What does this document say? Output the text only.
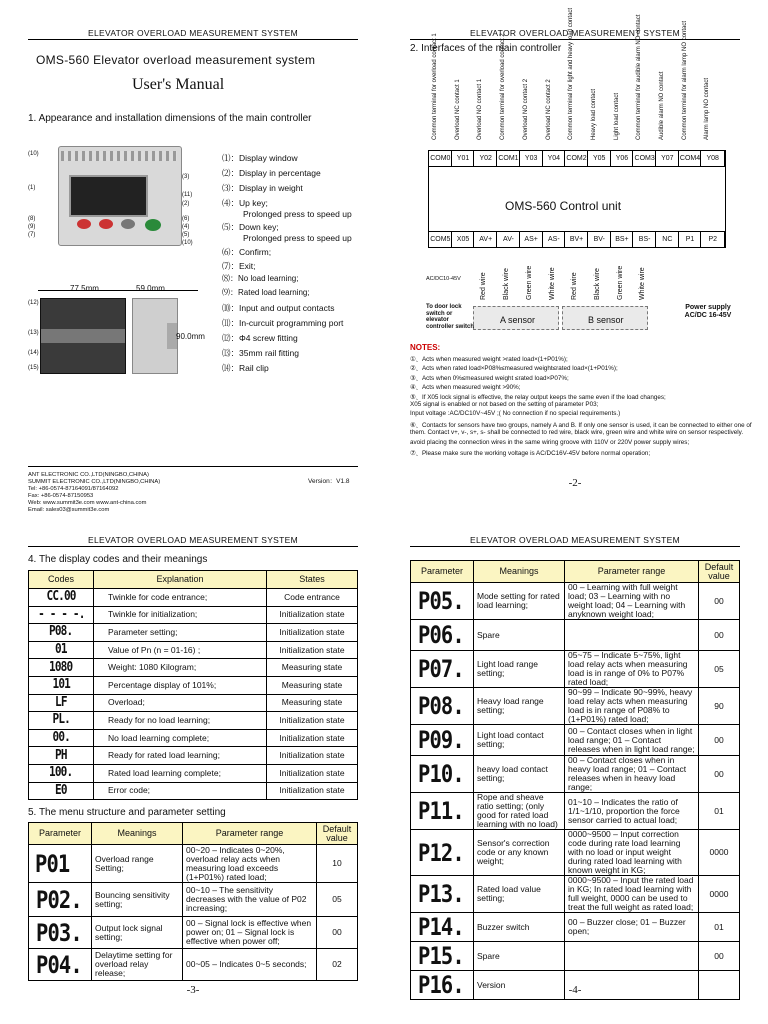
ELEVATOR OVERLOAD MEASUREMENT SYSTEM
OMS-560 Elevator overload measurement system
User's Manual
1. Appearance and installation dimensions of the main controller
(10)
(1)
(8)
(9)
(7)
(3)
(11)
(2)
(6)
(4)
(5)
(10)
⑴：Display window
⑵：Display in percentage
⑶：Display in weight
⑷：Up key;
Prolonged press to speed up
⑸：Down key;
Prolonged press to speed up
⑹：Confirm;
⑺：Exit;
⑻：No load learning;
⑼：Rated load learning;
⑽：Input and output contacts
⑾：In-curcuit programming port
⑿：Φ4 screw fitting
⒀：35mm rail fitting
⒁：Rail clip
77.5mm	59.0mm
90.0mm
(12)
(13)
(14)
(15)
ANT ELECTRONIC CO.,LTD(NINGBO,CHINA)
SUMMIT ELECTRONIC CO.,LTD(NINGBO,CHINA)
Tel: +86-0574-87164091/87164092
Fax: +86-0574-87150953
Web: www.summit3e.com www.ant-china.com
Email: sales03@summit3e.com
Version：V1.8
ELEVATOR OVERLOAD MEASUREMENT SYSTEM
2. Interfaces of the main controller
Common terminal for overload contact 1	Overload NC contact 1	Overload NO contact 1	Common terminal for overload contact 2	Overload NO contact 2	Overload NC contact 2	Common terminal for light and heavy load contact	Heavy load contact	Light load contact	Common terminal for audible alarm NO contact	Audible alarm NO contact	Common terminal for alarm lamp NO contact	Alarm lamp NO contact
OMS-560 Control unit
COM0 Y01	Y02 COM1 Y03	Y04 COM2 Y05	Y06 COM3 Y07 COM4 Y08
COM5 X05	AV+	AV-	AS+	AS-	BV+	BV-	BS+	BS-	NC	P1	P2
Red wire Black wire Green wire White wire Red wire Black wire Green wire White wire
A sensor	B sensor
AC/DC10-45V
To door lock switch or elevator controller switch
Power supply AC/DC 16-45V
NOTES:
①、Acts when measured weight >rated load×(1+P01%);
②、Acts when rated load×P08%≤measured weight≤rated load×(1+P01%);
③、Acts when 0%≤measured weight ≤rated load×P07%;
④、Acts when measured weight >90%;
⑤、If X05 lock signal is effective, the relay output keeps the same even if the load changes;
X05 signal is enabled or not based on the setting of parameter P03;
Input voltage :AC/DC10V~45V ;( No connection if no special requirements.)
⑥、Contacts for sensors have two groups, namely A and B. If only one sensor is used, it can be connected to either one of
them. Contact v+, v-, s+, s- shall be connected to red wire, black wire, green wire and white wire on sensor respectively.
avoid placing the connection wires in the same wiring groove with 110V or 220V power supply wires;
⑦、Please make sure the working voltage is AC/DC16V-45V before normal operation;
-2-
ELEVATOR OVERLOAD MEASUREMENT SYSTEM
4. The display codes and their meanings
Codes	Explanation	States
CC.00	Twinkle for code entrance;	Code entrance
- - - -.	Twinkle for initialization;	Initialization state
P08.	Parameter setting;	Initialization state
01	Value of Pn (n = 01-16) ;	Initialization state
1080	Weight: 1080 Kilogram;	Measuring state
101	Percentage display of 101%;	Measuring state
LF	Overload;	Measuring state
PL.	Ready for no load learning;	Initialization state
00.	No load learning complete;	Initialization state
PH	Ready for rated load learning;	Initialization state
100.	Rated load learning complete;	Initialization state
E0	Error code;	Initialization state
5. The menu structure and parameter setting
Parameter	Meanings	Parameter range	Default value
P01	Overload range Setting;	00~20 – Indicates 0~20%, overload relay acts when measuring load exceeds (1+P01%) rated load;	10
P02.	Bouncing sensitivity setting;	00~10 – The sensitivity decreases with the value of P02 increasing;	05
P03.	Output lock signal setting;	00 – Signal lock is effective when power on; 01 – Signal lock is effective when power off;	00
P04.	Delaytime setting for overload relay release;	00~05 – Indicates 0~5 seconds;	02
-3-
ELEVATOR OVERLOAD MEASUREMENT SYSTEM
Parameter	Meanings	Parameter range	Default value
P05.	Mode setting for rated load learning;	00 – Learning with full weight load; 03 – Learning with no weight load; 04 – Learning with anyknown weight load;	00
P06.	Spare		00
P07.	Light load range setting;	05~75 – Indicate 5~75%, light load relay acts when measuring load is in range of 0% to P07% rated load;	05
P08.	Heavy load range setting;	90~99 – Indicate 90~99%, heavy load relay acts when measuring load is in range of P08% to (1+P01%) rated load;	90
P09.	Light load contact setting;	00 – Contact closes when in light load range; 01 – Contact releases when in light load range;	00
P10.	heavy load contact setting;	00 – Contact closes when in heavy load range; 01 – Contact releases when in heavy load range;	00
P11.	Rope and sheave ratio setting; (only good for rated load learning with no load)	01~10 – Indicates the ratio of 1/1~1/10, proportion the force sensor carried to actual load;	01
P12.	Sensor's correction code or any known weight;	0000~9500 – Input correction code during rate load learning with no load or input weight during rated load learning with known weight in KG;	0000
P13.	Rated load value setting;	0000~9500 – Input the rated load in KG; In rated load learning with full weight, 0000 can be used to treat the full weight as rated load;	0000
P14.	Buzzer switch	00 – Buzzer close; 01 – Buzzer open;	01
P15.	Spare		00
P16.	Version			-4-
